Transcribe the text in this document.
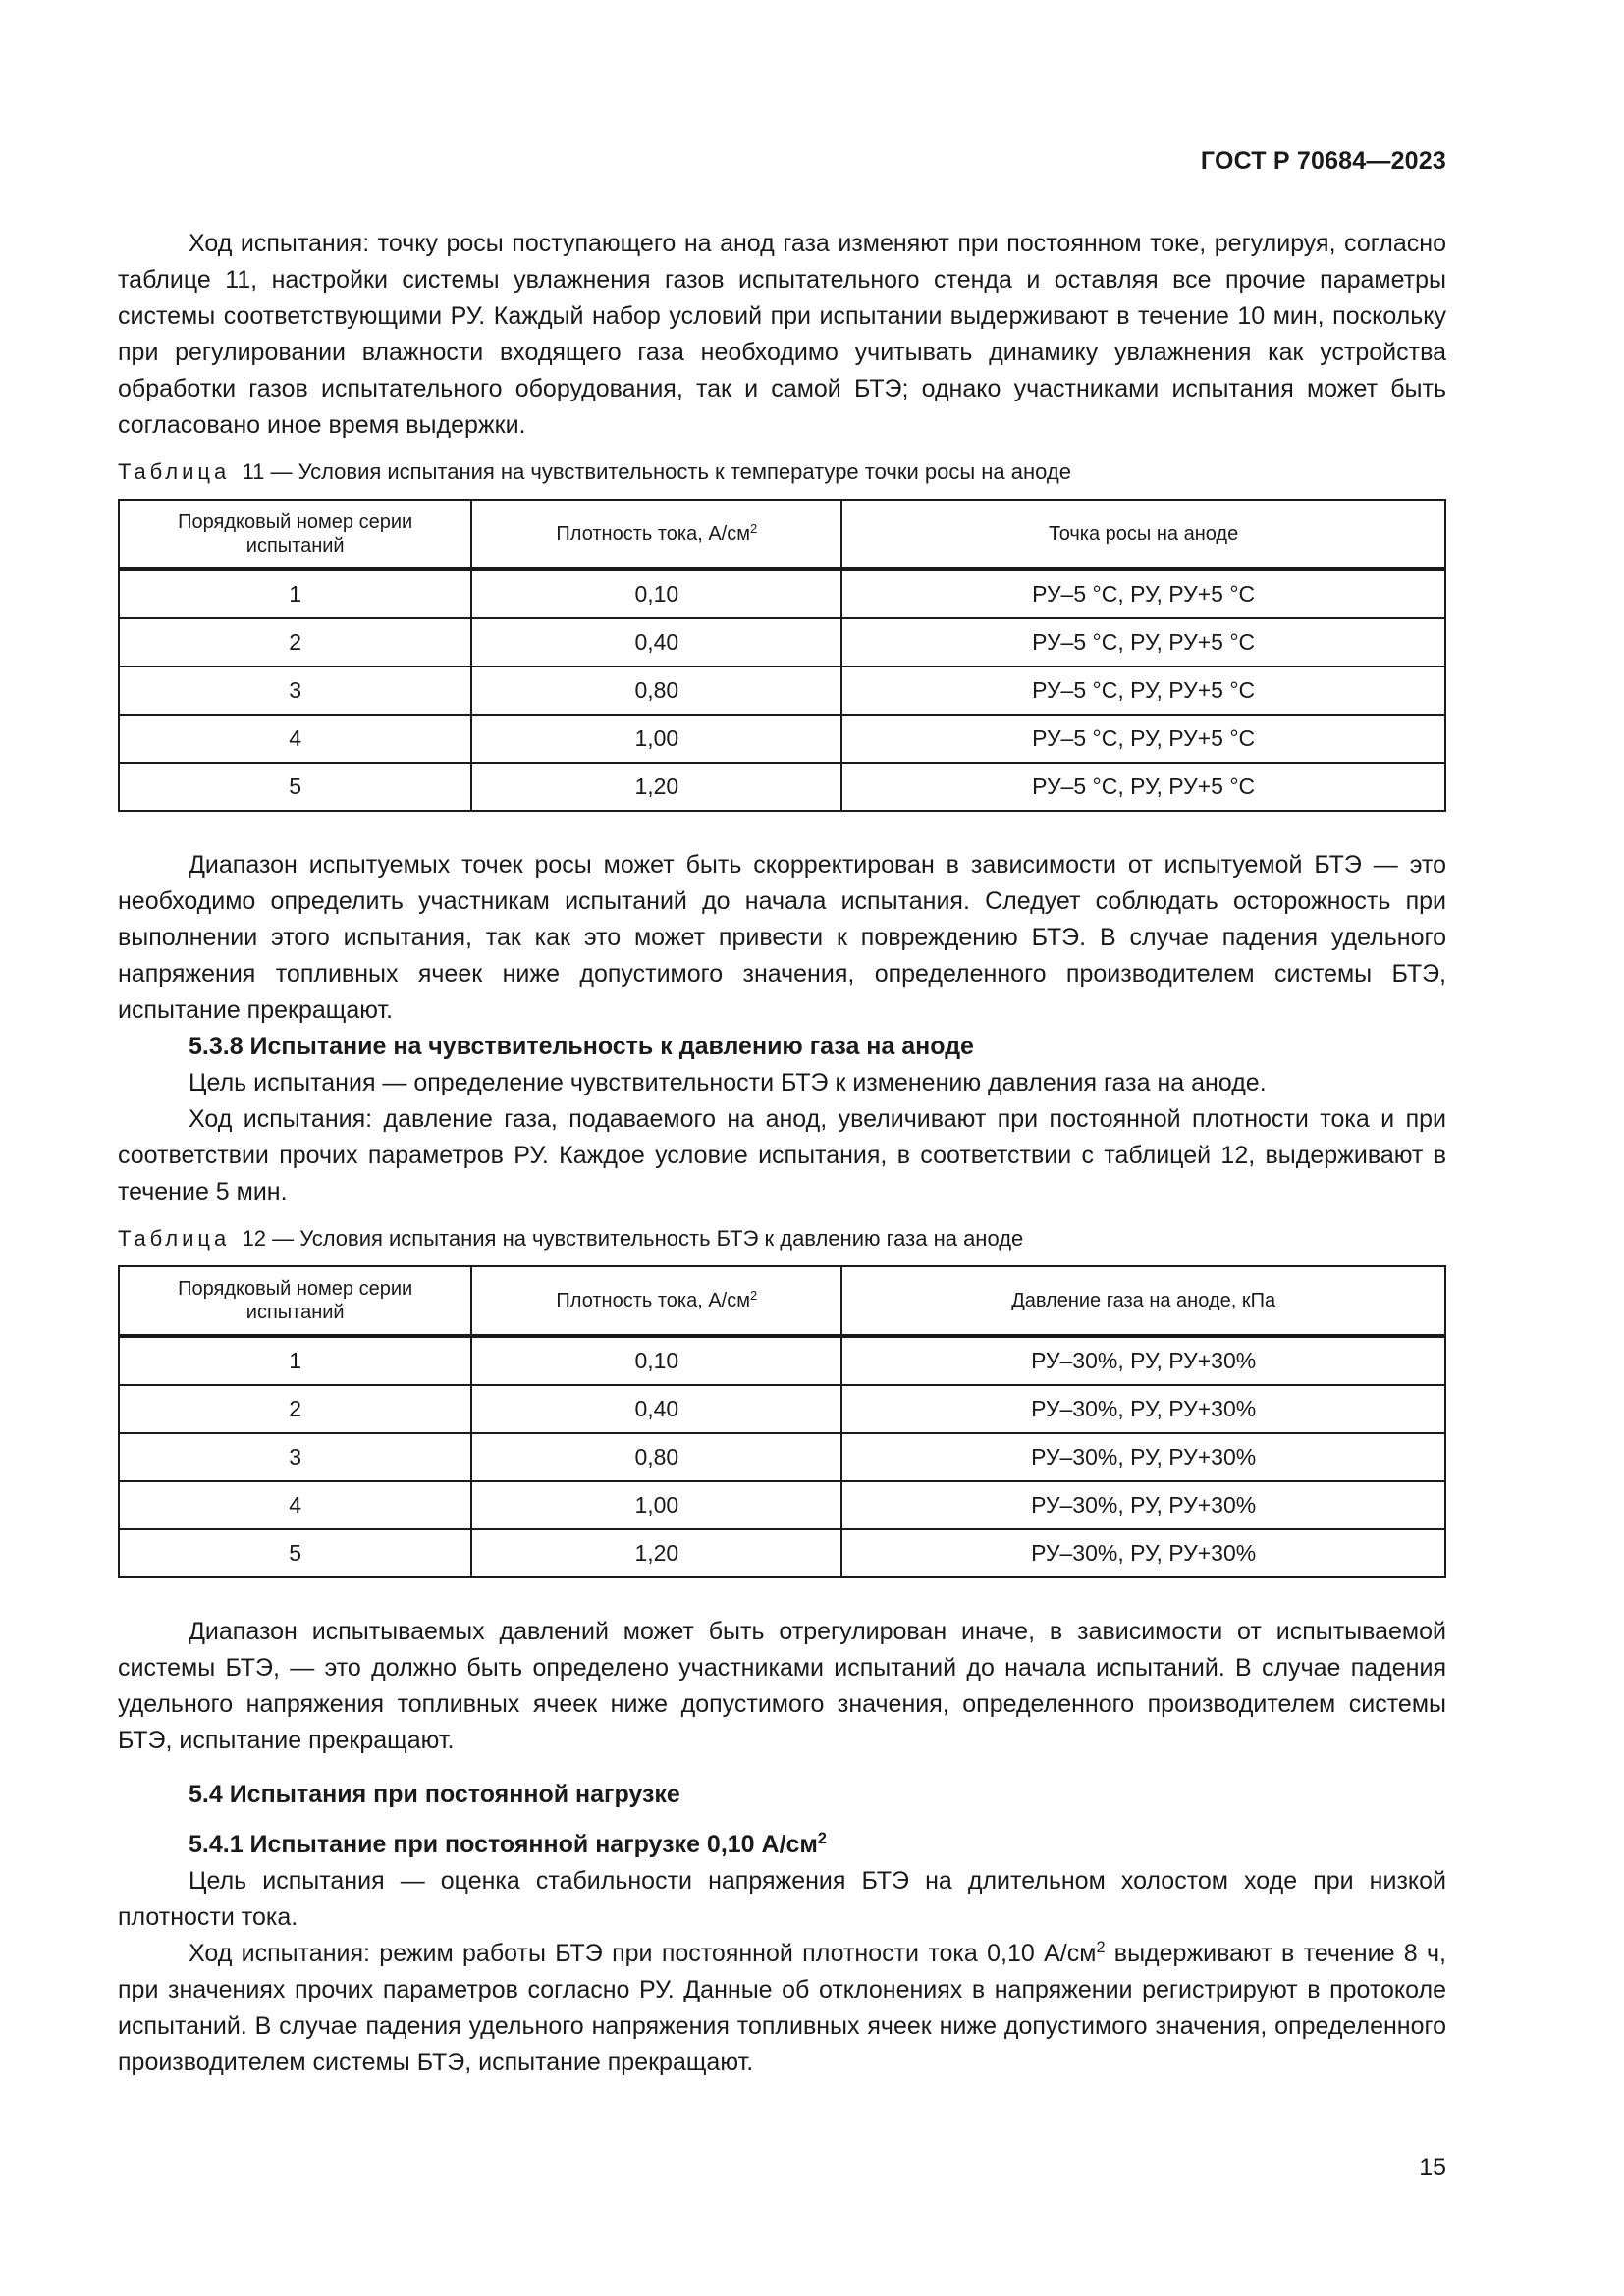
ГОСТ Р 70684—2023

Ход испытания: точку росы поступающего на анод газа изменяют при постоянном токе, регулируя, согласно таблице 11, настройки системы увлажнения газов испытательного стенда и оставляя все прочие параметры системы соответствующими РУ. Каждый набор условий при испытании выдерживают в течение 10 мин, поскольку при регулировании влажности входящего газа необходимо учитывать динамику увлажнения как устройства обработки газов испытательного оборудования, так и самой БТЭ; однако участниками испытания может быть согласовано иное время выдержки.

Таблица 11 — Условия испытания на чувствительность к температуре точки росы на аноде
Порядковый номер серии испытаний	Плотность тока, $А/см^2$	Точка росы на аноде
1	0,10	РУ–5 °С, РУ, РУ+5 °С
2	0,40	РУ–5 °С, РУ, РУ+5 °С
3	0,80	РУ–5 °С, РУ, РУ+5 °С
4	1,00	РУ–5 °С, РУ, РУ+5 °С
5	1,20	РУ–5 °С, РУ, РУ+5 °С

Диапазон испытуемых точек росы может быть скорректирован в зависимости от испытуемой БТЭ — это необходимо определить участникам испытаний до начала испытания. Следует соблюдать осторожность при выполнении этого испытания, так как это может привести к повреждению БТЭ. В случае падения удельного напряжения топливных ячеек ниже допустимого значения, определенного производителем системы БТЭ, испытание прекращают.

5.3.8 Испытание на чувствительность к давлению газа на аноде

Цель испытания — определение чувствительности БТЭ к изменению давления газа на аноде.

Ход испытания: давление газа, подаваемого на анод, увеличивают при постоянной плотности тока и при соответствии прочих параметров РУ. Каждое условие испытания, в соответствии с таблицей 12, выдерживают в течение 5 мин.

Таблица 12 — Условия испытания на чувствительность БТЭ к давлению газа на аноде
Порядковый номер серии испытаний	Плотность тока, $А/см^2$	Давление газа на аноде, кПа
1	0,10	РУ–30%, РУ, РУ+30%
2	0,40	РУ–30%, РУ, РУ+30%
3	0,80	РУ–30%, РУ, РУ+30%
4	1,00	РУ–30%, РУ, РУ+30%
5	1,20	РУ–30%, РУ, РУ+30%

Диапазон испытываемых давлений может быть отрегулирован иначе, в зависимости от испытываемой системы БТЭ, — это должно быть определено участниками испытаний до начала испытаний. В случае падения удельного напряжения топливных ячеек ниже допустимого значения, определенного производителем системы БТЭ, испытание прекращают.

5.4 Испытания при постоянной нагрузке
5.4.1 Испытание при постоянной нагрузке 0,10 $А/см^2$

Цель испытания — оценка стабильности напряжения БТЭ на длительном холостом ходе при низкой плотности тока.

Ход испытания: режим работы БТЭ при постоянной плотности тока 0,10 $А/см^2$ выдерживают в течение 8 ч, при значениях прочих параметров согласно РУ. Данные об отклонениях в напряжении регистрируют в протоколе испытаний. В случае падения удельного напряжения топливных ячеек ниже допустимого значения, определенного производителем системы БТЭ, испытание прекращают.

15
